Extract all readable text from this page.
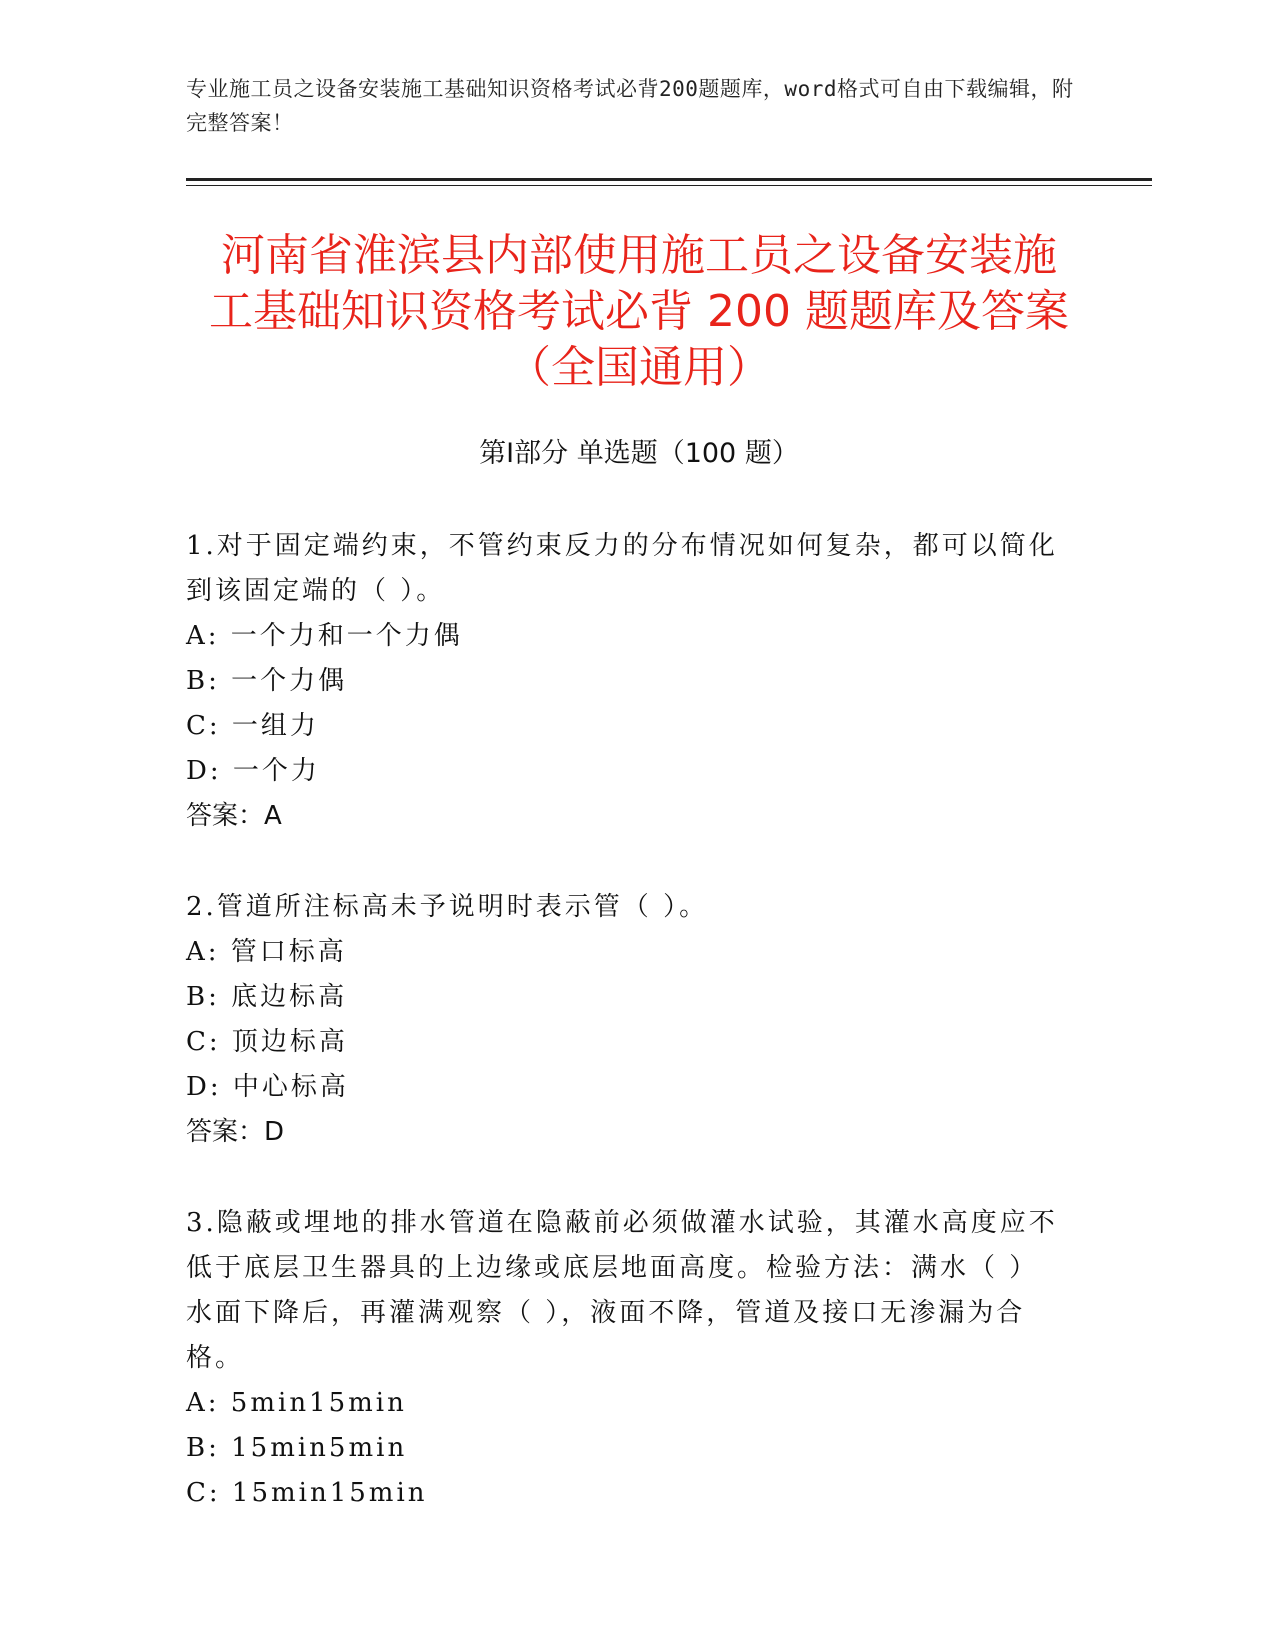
专业施工员之设备安装施工基础知识资格考试必背200题题库，word格式可自由下载编辑，附完整答案！
河南省淮滨县内部使用施工员之设备安装施
工基础知识资格考试必背 200 题题库及答案
（全国通用）
第Ⅰ部分 单选题（100 题）

1.对于固定端约束，不管约束反力的分布情况如何复杂，都可以简化到该固定端的（ ）。

A: 一个力和一个力偶

B: 一个力偶

C: 一组力

D: 一个力

答案：A

2.管道所注标高未予说明时表示管（ ）。

A: 管口标高

B: 底边标高

C: 顶边标高

D: 中心标高

答案：D

3.隐蔽或埋地的排水管道在隐蔽前必须做灌水试验，其灌水高度应不低于底层卫生器具的上边缘或底层地面高度。检验方法：满水（ ）水面下降后，再灌满观察（ ），液面不降，管道及接口无渗漏为合格。

A: 5min15min

B: 15min5min

C: 15min15min
